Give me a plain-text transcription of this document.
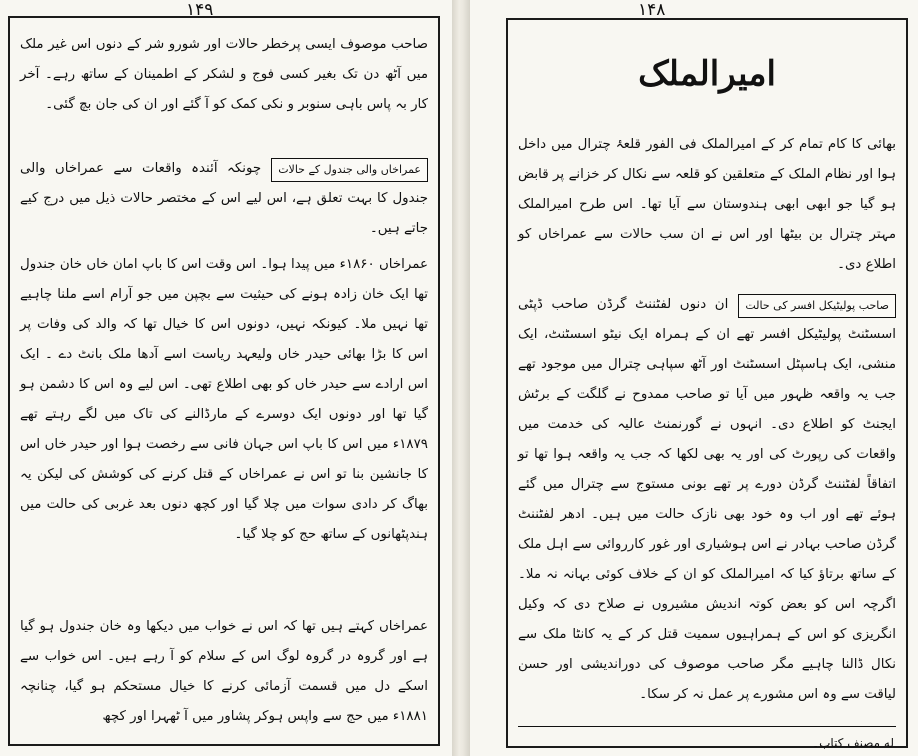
۱۴۹

صاحب موصوف ایسی پرخطر حالات اور شورو شر کے دنوں اس غیر ملک میں آٹھ دن تک بغیر کسی فوج و لشکر کے اطمینان کے ساتھ رہے۔ آخر کار بہ پاس باہی سنوبر و نکی کمک کو آ گئے اور ان کی جان بچ گئی۔

عمراخاں والی جندول کے حالات
چونکہ آئندہ واقعات سے عمراخاں والی جندول کا بہت تعلق ہے، اس لیے اس کے مختصر حالات ذیل میں درج کیے جاتے ہیں۔

عمراخاں ۱۸۶۰ء میں پیدا ہوا۔ اس وقت اس کا باپ امان خاں خان جندول تھا ایک خان زادہ ہونے کی حیثیت سے بچپن میں جو آرام اسے ملنا چاہیے تھا نہیں ملا۔ کیونکہ نہیں، دونوں اس کا خیال تھا کہ والد کی وفات پر اس کا بڑا بھائی حیدر خاں ولیعہد ریاست اسے آدھا ملک بانٹ دے ۔ ایک اس ارادے سے حیدر خاں کو بھی اطلاع تھی۔ اس لیے وہ اس کا دشمن ہو گیا تھا اور دونوں ایک دوسرے کے مارڈالنے کی تاک میں لگے رہتے تھے ۱۸۷۹ء میں اس کا باپ اس جہان فانی سے رخصت ہوا اور حیدر خاں اس کا جانشین بنا تو اس نے عمراخاں کے قتل کرنے کی کوشش کی لیکن یہ بھاگ کر دادی سوات میں چلا گیا اور کچھ دنوں بعد غربی کی حالت میں ہندپٹھانوں کے ساتھ حج کو چلا گیا۔

عمراخاں کہتے ہیں تھا کہ اس نے خواب میں دیکھا وہ خان جندول ہو گیا ہے اور گروہ در گروہ لوگ اس کے سلام کو آ رہے ہیں۔ اس خواب سے اسکے دل میں قسمت آزمائی کرنے کا خیال مستحکم ہو گیا، چنانچہ ۱۸۸۱ء میں حج سے واپس ہوکر پشاور میں آ ٹھہرا اور کچھ

۱۴۸
امیرالملک

بھائی کا کام تمام کر کے امیرالملک فی الفور قلعۂ چترال میں داخل ہوا اور نظام الملک کے متعلقین کو قلعہ سے نکال کر خزانے پر قابض ہو گیا جو ابھی ابھی ہندوستان سے آیا تھا۔ اس طرح امیرالملک مہتر چترال بن بیٹھا اور اس نے ان سب حالات سے عمراخاں کو اطلاع دی۔

صاحب پولیٹیکل افسر کی حالت
ان دنوں لفٹننٹ گرڈن صاحب ڈپٹی اسسٹنٹ پولیٹیکل افسر تھے ان کے ہمراہ ایک نیٹو اسسٹنٹ، ایک منشی، ایک ہاسپٹل اسسٹنٹ اور آٹھ سپاہی چترال میں موجود تھے جب یہ واقعہ ظہور میں آیا تو صاحب ممدوح نے گلگت کے برٹش ایجنٹ کو اطلاع دی۔ انہوں نے گورنمنٹ عالیہ کی خدمت میں واقعات کی رپورٹ کی اور یہ بھی لکھا کہ جب یہ واقعہ ہوا تھا تو اتفاقاً لفٹننٹ گرڈن دورے پر تھے بونی مستوج سے چترال میں گئے ہوئے تھے اور اب وہ خود بھی نازک حالت میں ہیں۔ ادھر لفٹننٹ گرڈن صاحب بہادر نے اس ہوشیاری اور غور کارروائی سے اہل ملک کے ساتھ برتاؤ کیا کہ امیرالملک کو ان کے خلاف کوئی بہانہ نہ ملا۔ اگرچہ اس کو بعض کوتہ اندیش مشیروں نے صلاح دی کہ وکیل انگریزی کو اس کے ہمراہیوں سمیت قتل کر کے یہ کانٹا ملک سے نکال ڈالنا چاہیے مگر صاحب موصوف کی دوراندیشی اور حسن لیاقت سے وہ اس مشورے پر عمل نہ کر سکا۔
له مصنف کتاب۔
